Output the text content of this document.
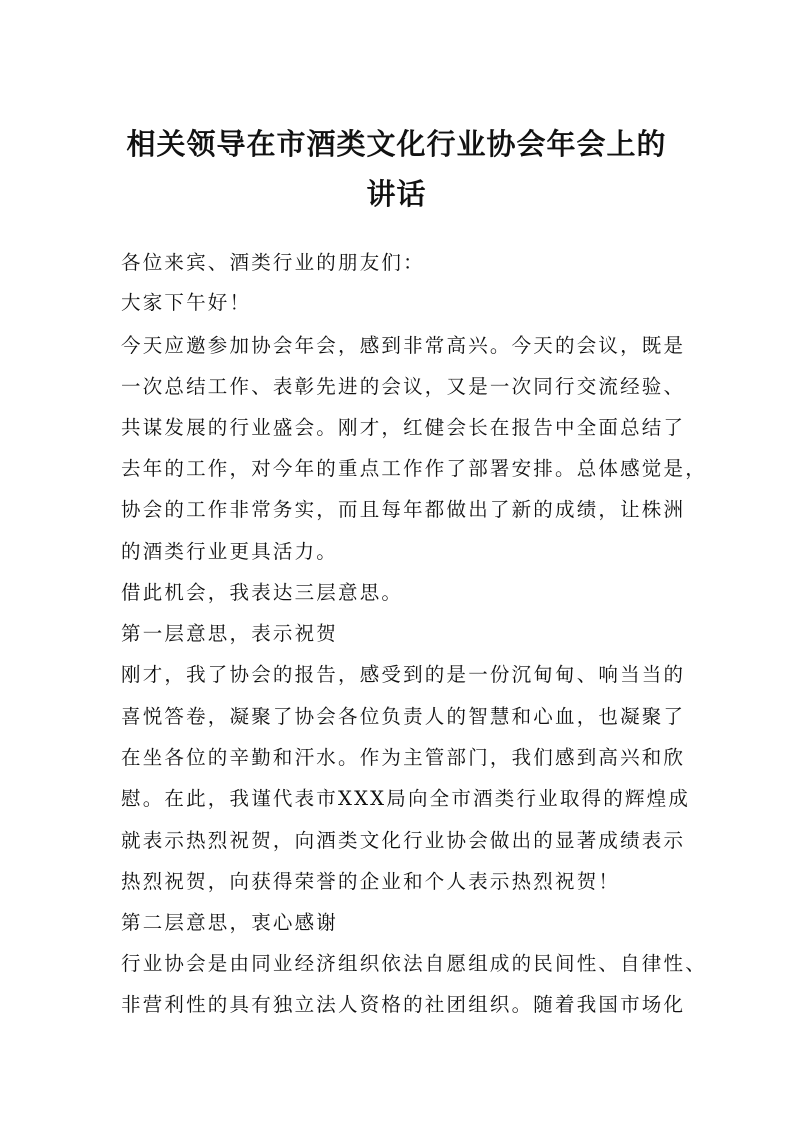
相关领导在市酒类文化行业协会年会上的
讲话
各位来宾、酒类行业的朋友们：
大家下午好！
今天应邀参加协会年会，感到非常高兴。今天的会议，既是
一次总结工作、表彰先进的会议，又是一次同行交流经验、
共谋发展的行业盛会。刚才，红健会长在报告中全面总结了
去年的工作，对今年的重点工作作了部署安排。总体感觉是，
协会的工作非常务实，而且每年都做出了新的成绩，让株洲
的酒类行业更具活力。
借此机会，我表达三层意思。
第一层意思，表示祝贺
刚才，我了协会的报告，感受到的是一份沉甸甸、响当当的
喜悦答卷，凝聚了协会各位负责人的智慧和心血，也凝聚了
在坐各位的辛勤和汗水。作为主管部门，我们感到高兴和欣
慰。在此，我谨代表市XXX局向全市酒类行业取得的辉煌成
就表示热烈祝贺，向酒类文化行业协会做出的显著成绩表示
热烈祝贺，向获得荣誉的企业和个人表示热烈祝贺！
第二层意思，衷心感谢
行业协会是由同业经济组织依法自愿组成的民间性、自律性、
非营利性的具有独立法人资格的社团组织。随着我国市场化
